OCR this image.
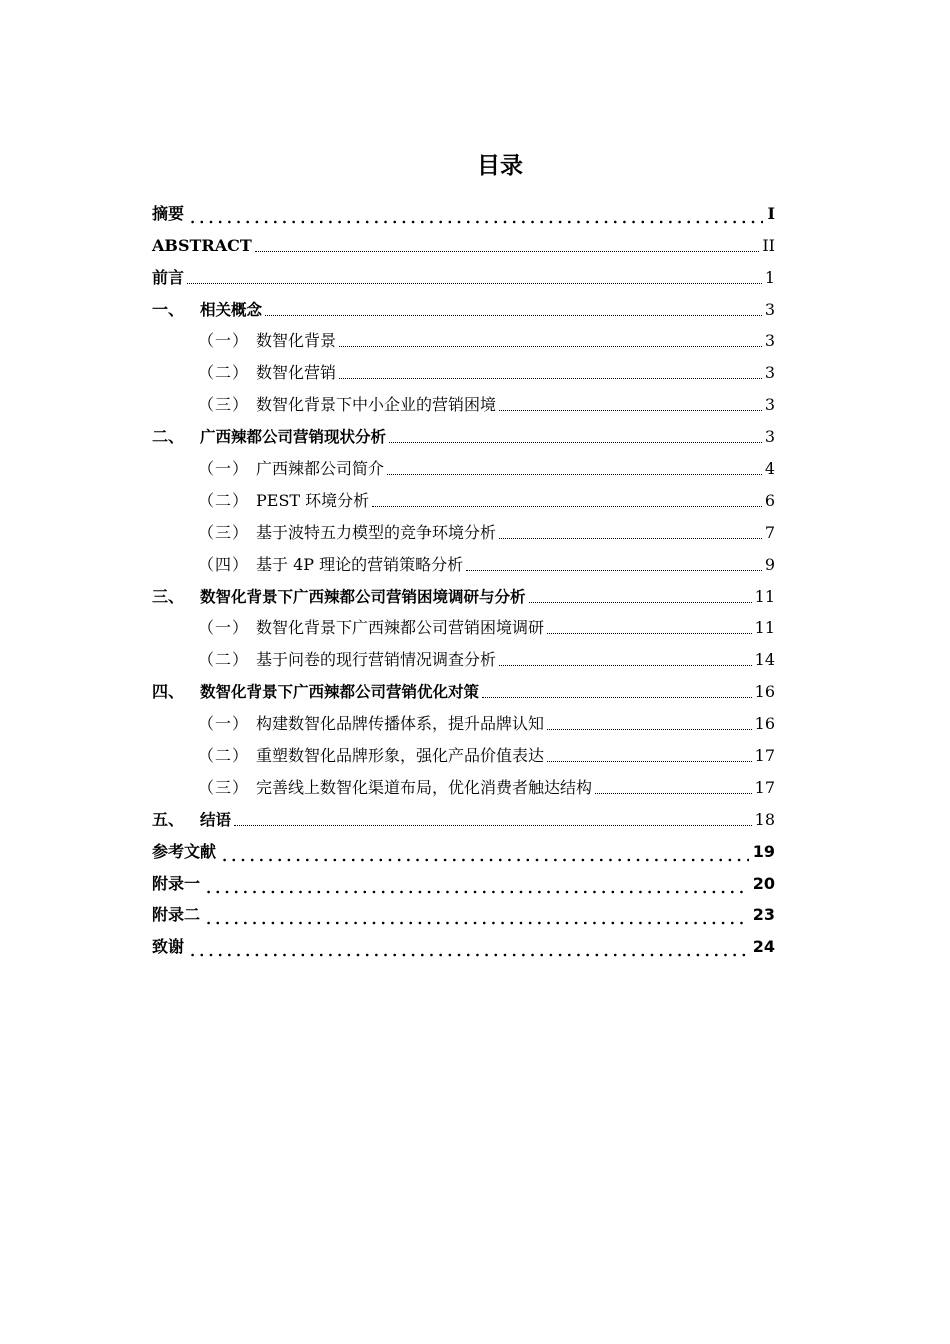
目录
摘要	I
ABSTRACT	II
前言	1
一、	相关概念	3
（一） 数智化背景	3
（二） 数智化营销	3
（三） 数智化背景下中小企业的营销困境	3
二、	广西辣都公司营销现状分析	3
（一） 广西辣都公司简介	4
（二） PEST 环境分析	6
（三） 基于波特五力模型的竞争环境分析	7
（四） 基于 4P 理论的营销策略分析	9
三、	数智化背景下广西辣都公司营销困境调研与分析	11
（一） 数智化背景下广西辣都公司营销困境调研	11
（二） 基于问卷的现行营销情况调查分析	14
四、	数智化背景下广西辣都公司营销优化对策	16
（一） 构建数智化品牌传播体系，提升品牌认知	16
（二） 重塑数智化品牌形象，强化产品价值表达	17
（三） 完善线上数智化渠道布局，优化消费者触达结构	17
五、	结语	18
参考文献	19
附录一	20
附录二	23
致谢	24
